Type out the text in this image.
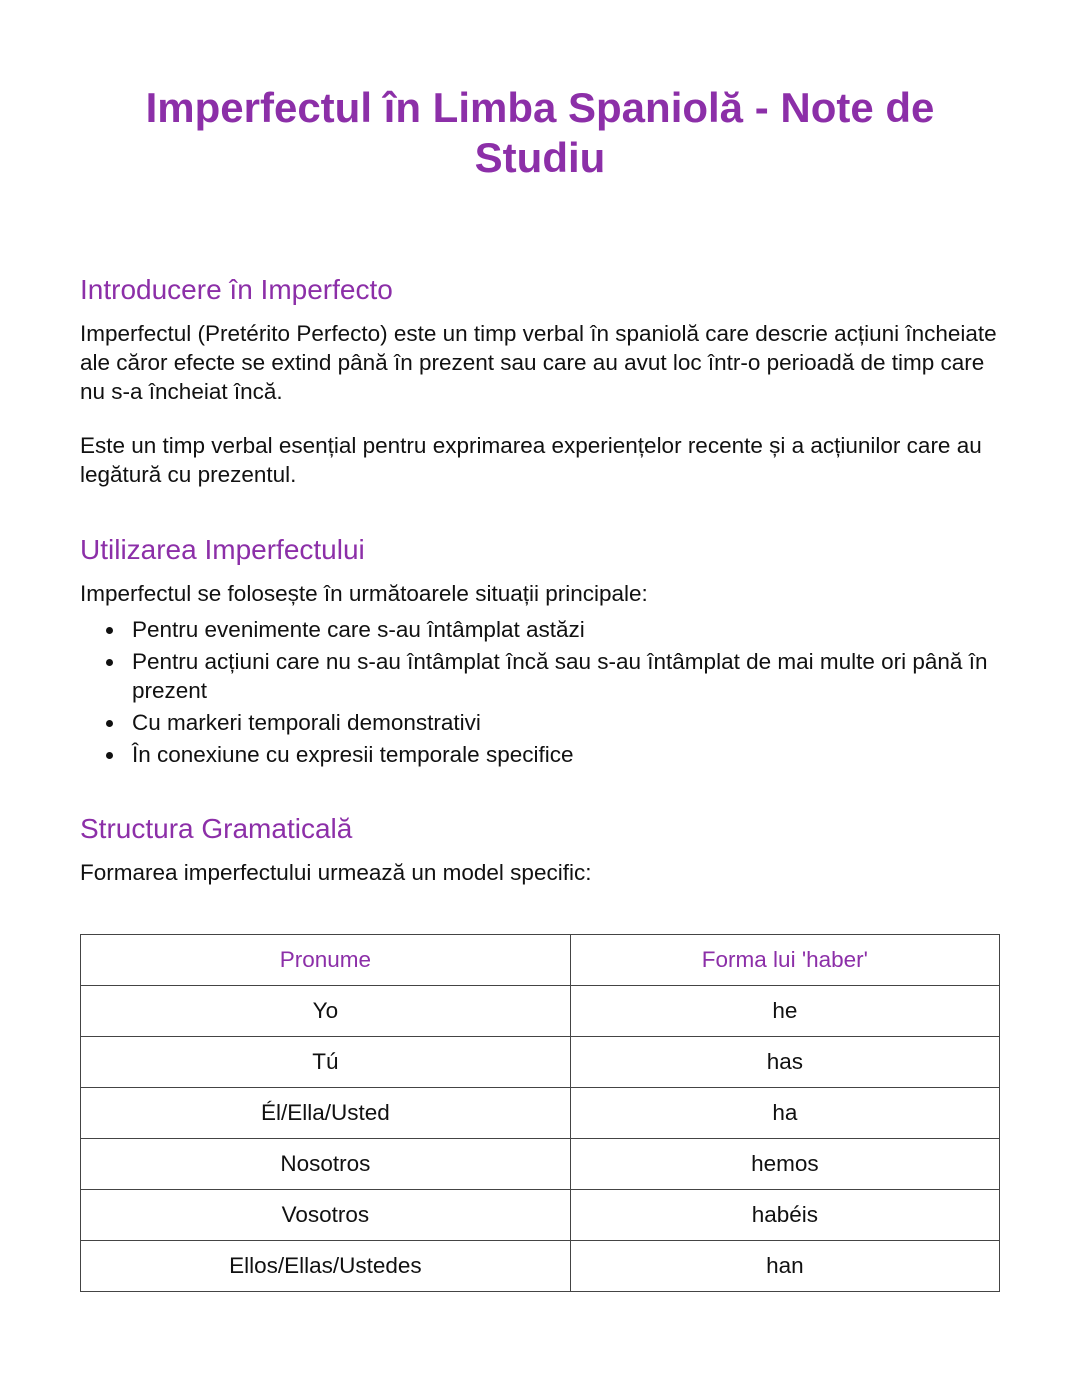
Imperfectul în Limba Spaniolă - Note de Studiu
Introducere în Imperfecto

Imperfectul (Pretérito Perfecto) este un timp verbal în spaniolă care descrie acțiuni încheiate ale căror efecte se extind până în prezent sau care au avut loc într-o perioadă de timp care nu s-a încheiat încă.

Este un timp verbal esențial pentru exprimarea experiențelor recente și a acțiunilor care au legătură cu prezentul.

Utilizarea Imperfectului

Imperfectul se folosește în următoarele situații principale:

• Pentru evenimente care s-au întâmplat astăzi
• Pentru acțiuni care nu s-au întâmplat încă sau s-au întâmplat de mai multe ori până în prezent
• Cu markeri temporali demonstrativi
• În conexiune cu expresii temporale specifice
Structura Gramaticală

Formarea imperfectului urmează un model specific:

Pronume	Forma lui 'haber'
Yo	he
Tú	has
Él/Ella/Usted	ha
Nosotros	hemos
Vosotros	habéis
Ellos/Ellas/Ustedes	han
